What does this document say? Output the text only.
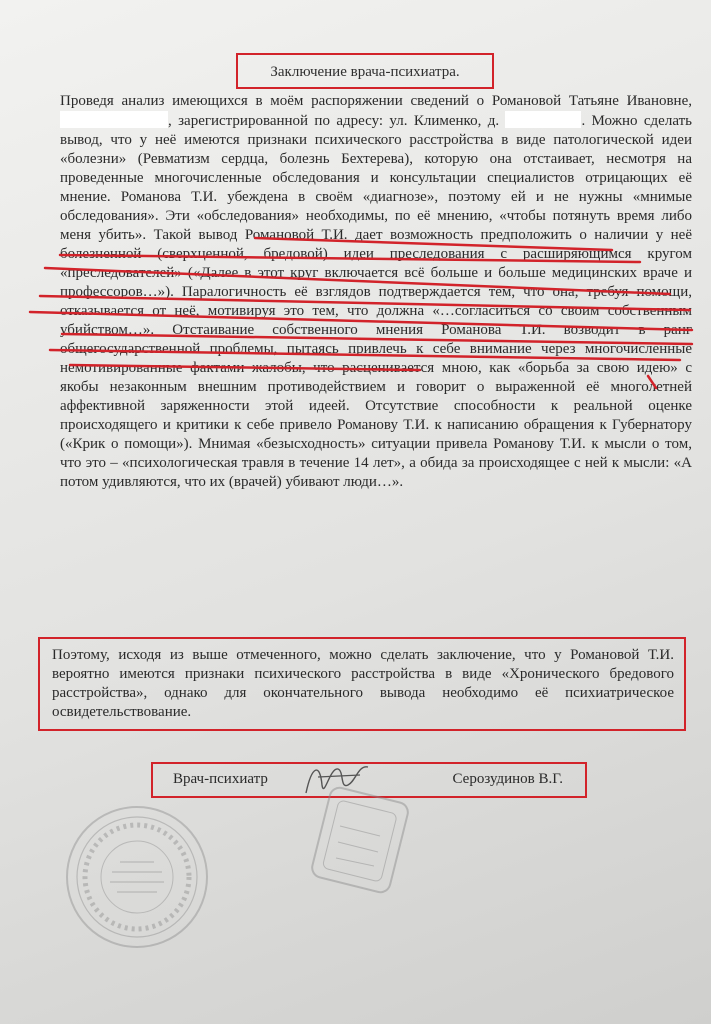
Заключение врача-психиатра.

Проведя анализ имеющихся в моём распоряжении сведений о Романовой Татьяне Ивановне, , зарегистрированной по адресу: ул. Клименко, д.	. Можно сделать вывод, что у неё имеются признаки психического расстройства в виде патологической идеи «болезни» (Ревматизм сердца, болезнь Бехтерева), которую она отстаивает, несмотря на проведенные многочисленные обследования и консультации специалистов отрицающих её мнение. Романова Т.И. убеждена в своём «диагнозе», поэтому ей и не нужны «мнимые обследования». Эти «обследования» необходимы, по её мнению, «чтобы потянуть время либо меня убить». Такой вывод Романовой Т.И. дает возможность предположить о наличии у неё болезненной (сверхценной, бредовой) идеи преследования с расширяющимся кругом «преследователей» («Далее в этот круг включается всё больше и больше медицинских враче и профессоров…»). Паралогичность её взглядов подтверждается тем, что она, требуя помощи, отказывается от неё, мотивируя это тем, что должна «…согласиться со своим собственным убийством…». Отстаивание собственного мнения Романова Т.И. возводит в ранг общегосударственной проблемы, пытаясь привлечь к себе внимание через многочисленные немотивированные фактами жалобы, что расценивается мною, как «борьба за свою идею» с якобы незаконным внешним противодействием и говорит о выраженной её многолетней аффективной заряженности этой идеей. Отсутствие способности к реальной оценке происходящего и критики к себе привело Романову Т.И. к написанию обращения к Губернатору («Крик о помощи»). Мнимая «безысходность» ситуации привела Романову Т.И. к мысли о том, что это – «психологическая травля в течение 14 лет», а обида за происходящее с ней к мысли: «А потом удивляются, что их (врачей) убивают люди…».

Поэтому, исходя из выше отмеченного, можно сделать заключение, что у Романовой Т.И. вероятно имеются признаки психического расстройства в виде «Хронического бредового расстройства», однако для окончательного вывода необходимо её психиатрическое освидетельствование.
Врач-психиатр	Серозудинов В.Г.
